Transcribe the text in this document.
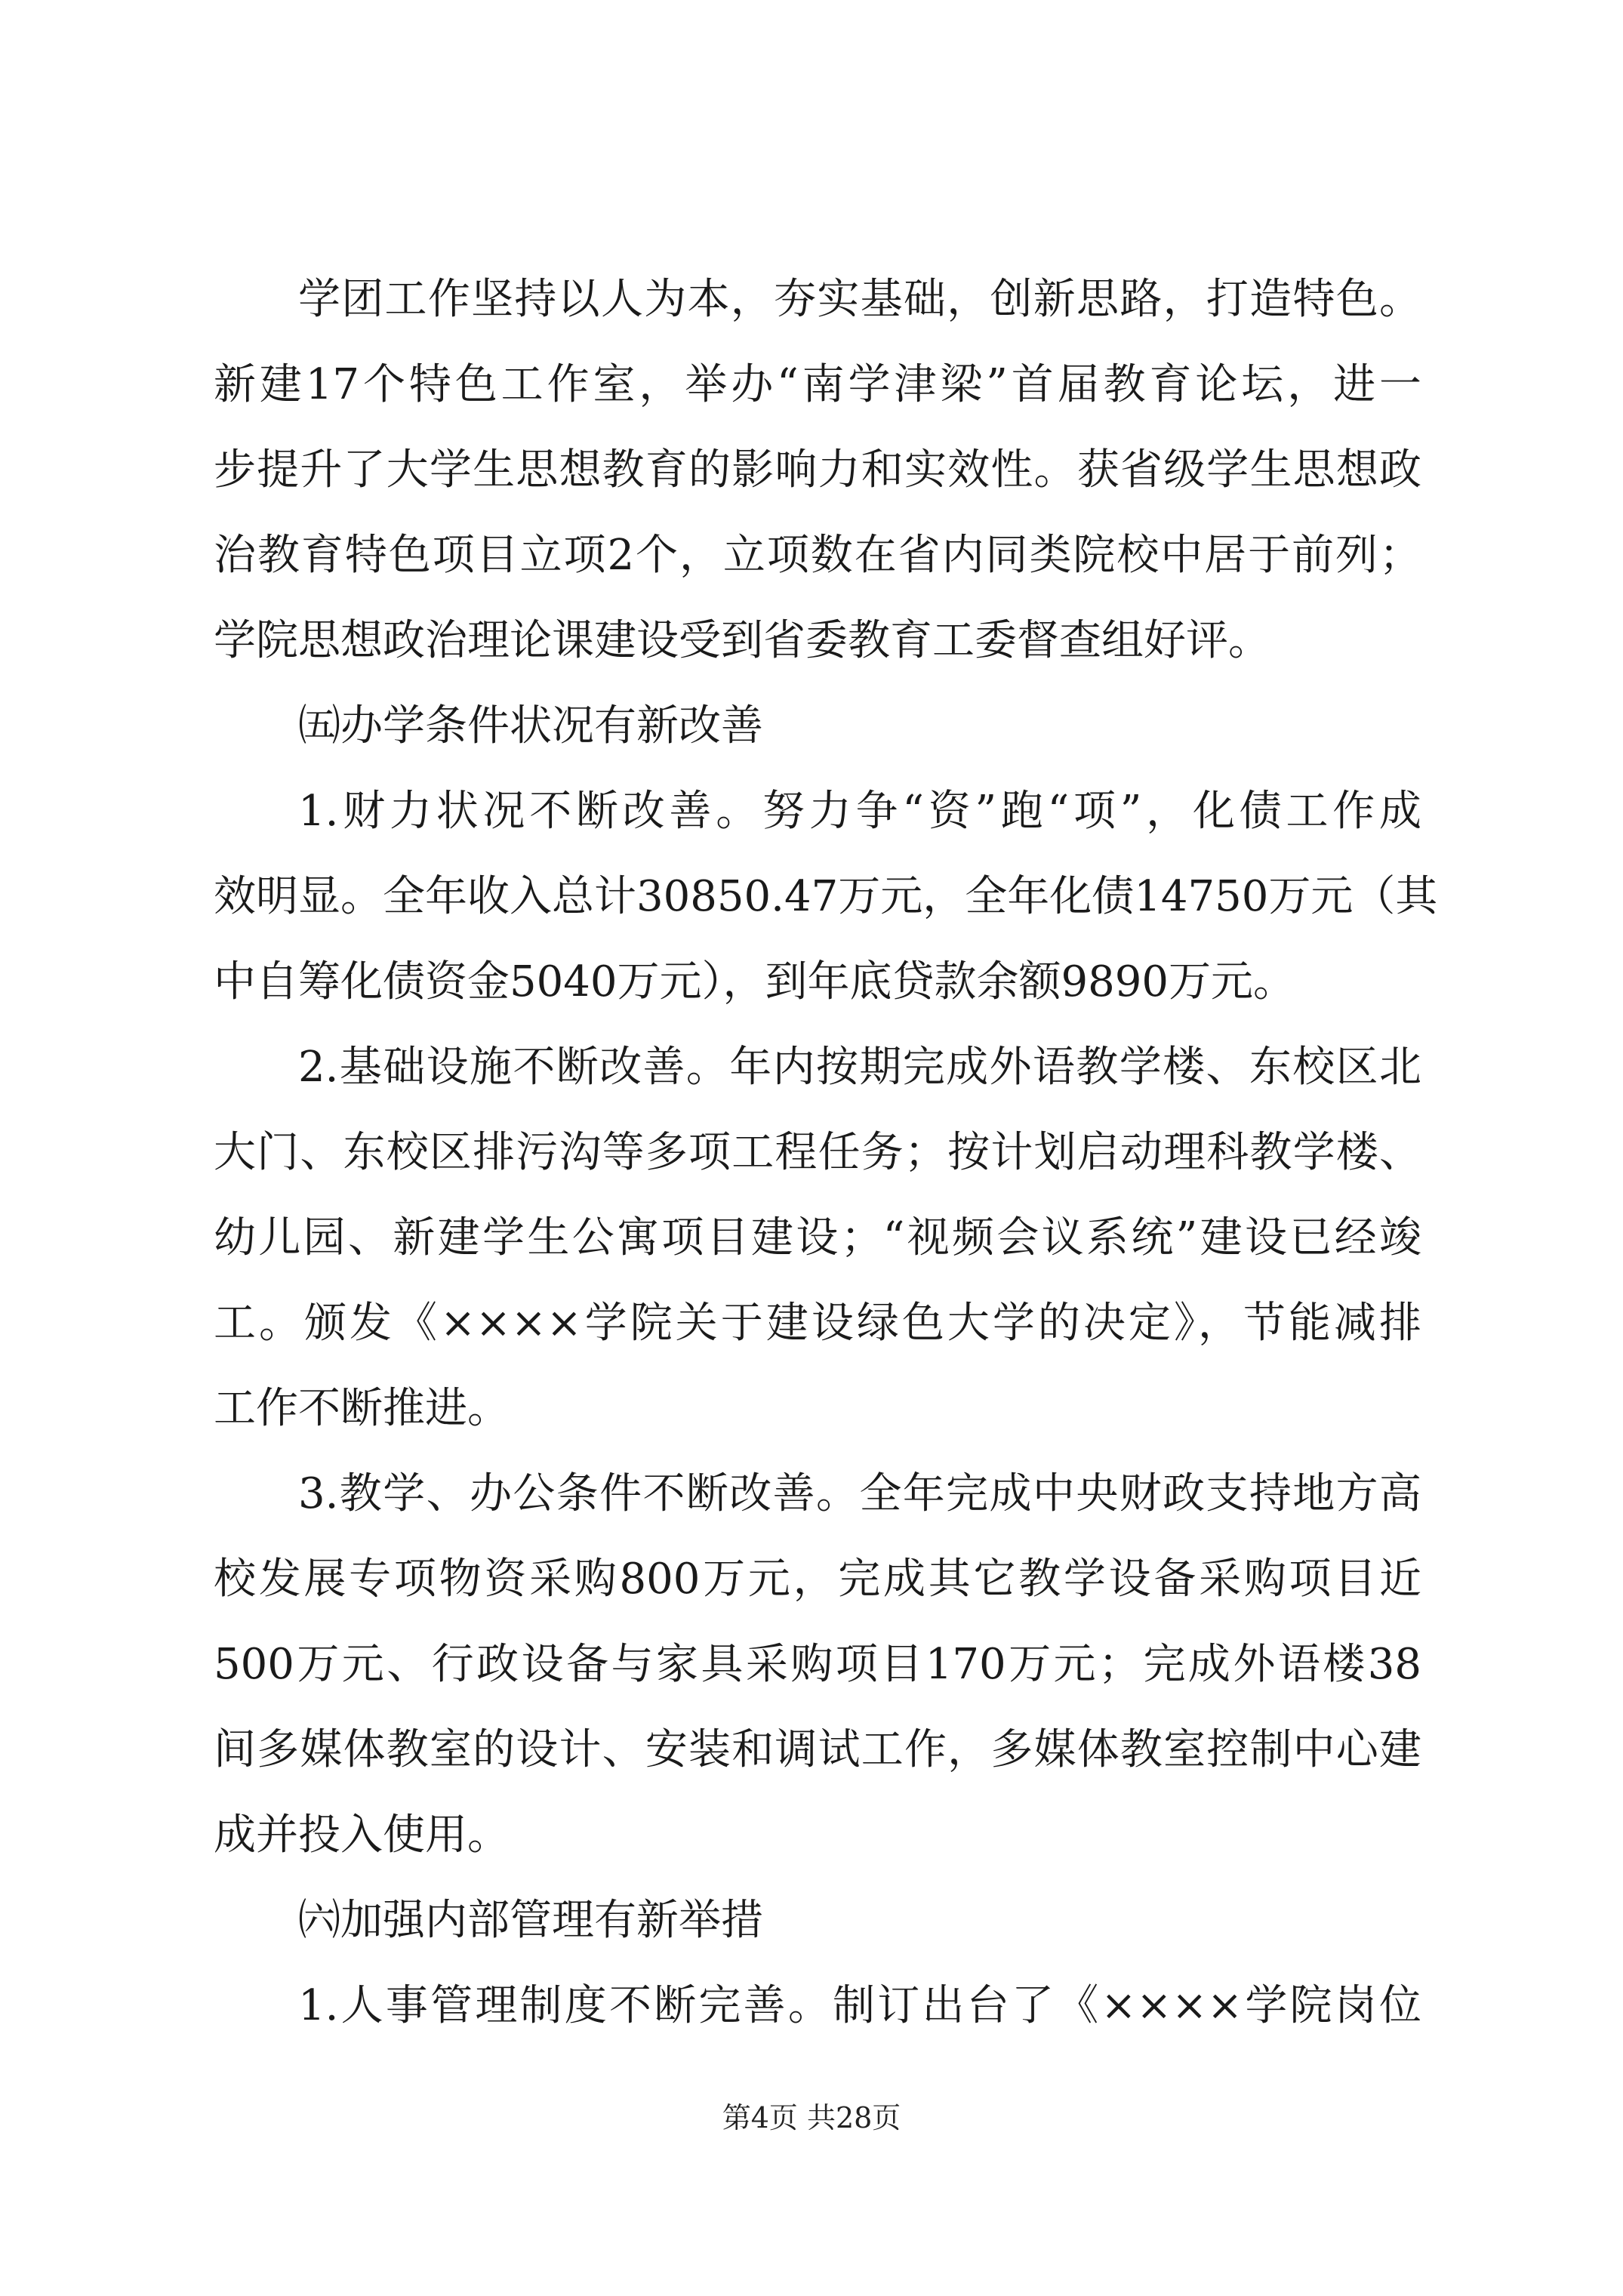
学团工作坚持以人为本，夯实基础，创新思路，打造特色。
新建17个特色工作室，举办“南学津梁”首届教育论坛，进一
步提升了大学生思想教育的影响力和实效性。获省级学生思想政
治教育特色项目立项2个，立项数在省内同类院校中居于前列；
学院思想政治理论课建设受到省委教育工委督查组好评。
㈤办学条件状况有新改善
1.财力状况不断改善。努力争“资”跑“项”，化债工作成
效明显。全年收入总计30850.47万元，全年化债14750万元（其
中自筹化债资金5040万元），到年底贷款余额9890万元。
2.基础设施不断改善。年内按期完成外语教学楼、东校区北
大门、东校区排污沟等多项工程任务；按计划启动理科教学楼、
幼儿园、新建学生公寓项目建设；“视频会议系统”建设已经竣
工。颁发《××××学院关于建设绿色大学的决定》，节能减排
工作不断推进。
3.教学、办公条件不断改善。全年完成中央财政支持地方高
校发展专项物资采购800万元，完成其它教学设备采购项目近
500万元、行政设备与家具采购项目170万元；完成外语楼38
间多媒体教室的设计、安装和调试工作，多媒体教室控制中心建
成并投入使用。
㈥加强内部管理有新举措
1.人事管理制度不断完善。制订出台了《××××学院岗位
第4页 共28页
